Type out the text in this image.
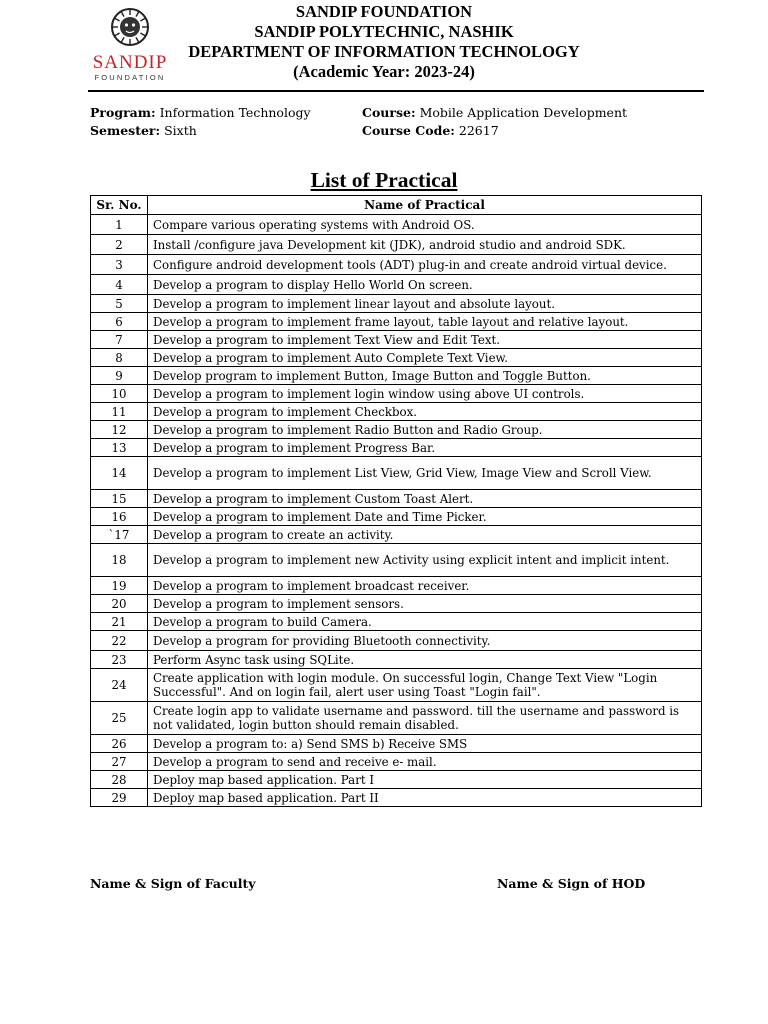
SANDIP
FOUNDATION
SANDIP FOUNDATION
SANDIP POLYTECHNIC, NASHIK
DEPARTMENT OF INFORMATION TECHNOLOGY
(Academic Year: 2023-24)
Program: Information Technology
Semester: Sixth
Course: Mobile Application Development
Course Code: 22617
List of Practical
Sr. No.	Name of Practical
1	Compare various operating systems with Android OS.
2	Install /configure java Development kit (JDK), android studio and android SDK.
3	Configure android development tools (ADT) plug-in and create android virtual device.
4	Develop a program to display Hello World On screen.
5	Develop a program to implement linear layout and absolute layout.
6	Develop a program to implement frame layout, table layout and relative layout.
7	Develop a program to implement Text View and Edit Text.
8	Develop a program to implement Auto Complete Text View.
9	Develop program to implement Button, Image Button and Toggle Button.
10	Develop a program to implement login window using above UI controls.
11	Develop a program to implement Checkbox.
12	Develop a program to implement Radio Button and Radio Group.
13	Develop a program to implement Progress Bar.
14	Develop a program to implement List View, Grid View, Image View and Scroll View.
15	Develop a program to implement Custom Toast Alert.
16	Develop a program to implement Date and Time Picker.
`17	Develop a program to create an activity.
18	Develop a program to implement new Activity using explicit intent and implicit intent.
19	Develop a program to implement broadcast receiver.
20	Develop a program to implement sensors.
21	Develop a program to build Camera.
22	Develop a program for providing Bluetooth connectivity.
23	Perform Async task using SQLite.
24	Create application with login module. On successful login, Change Text View "Login Successful". And on login fail, alert user using Toast "Login fail".
25	Create login app to validate username and password. till the username and password is not validated, login button should remain disabled.
26	Develop a program to: a) Send SMS b) Receive SMS
27	Develop a program to send and receive e- mail.
28	Deploy map based application. Part I
29	Deploy map based application. Part II
Name & Sign of Faculty	Name & Sign of HOD
